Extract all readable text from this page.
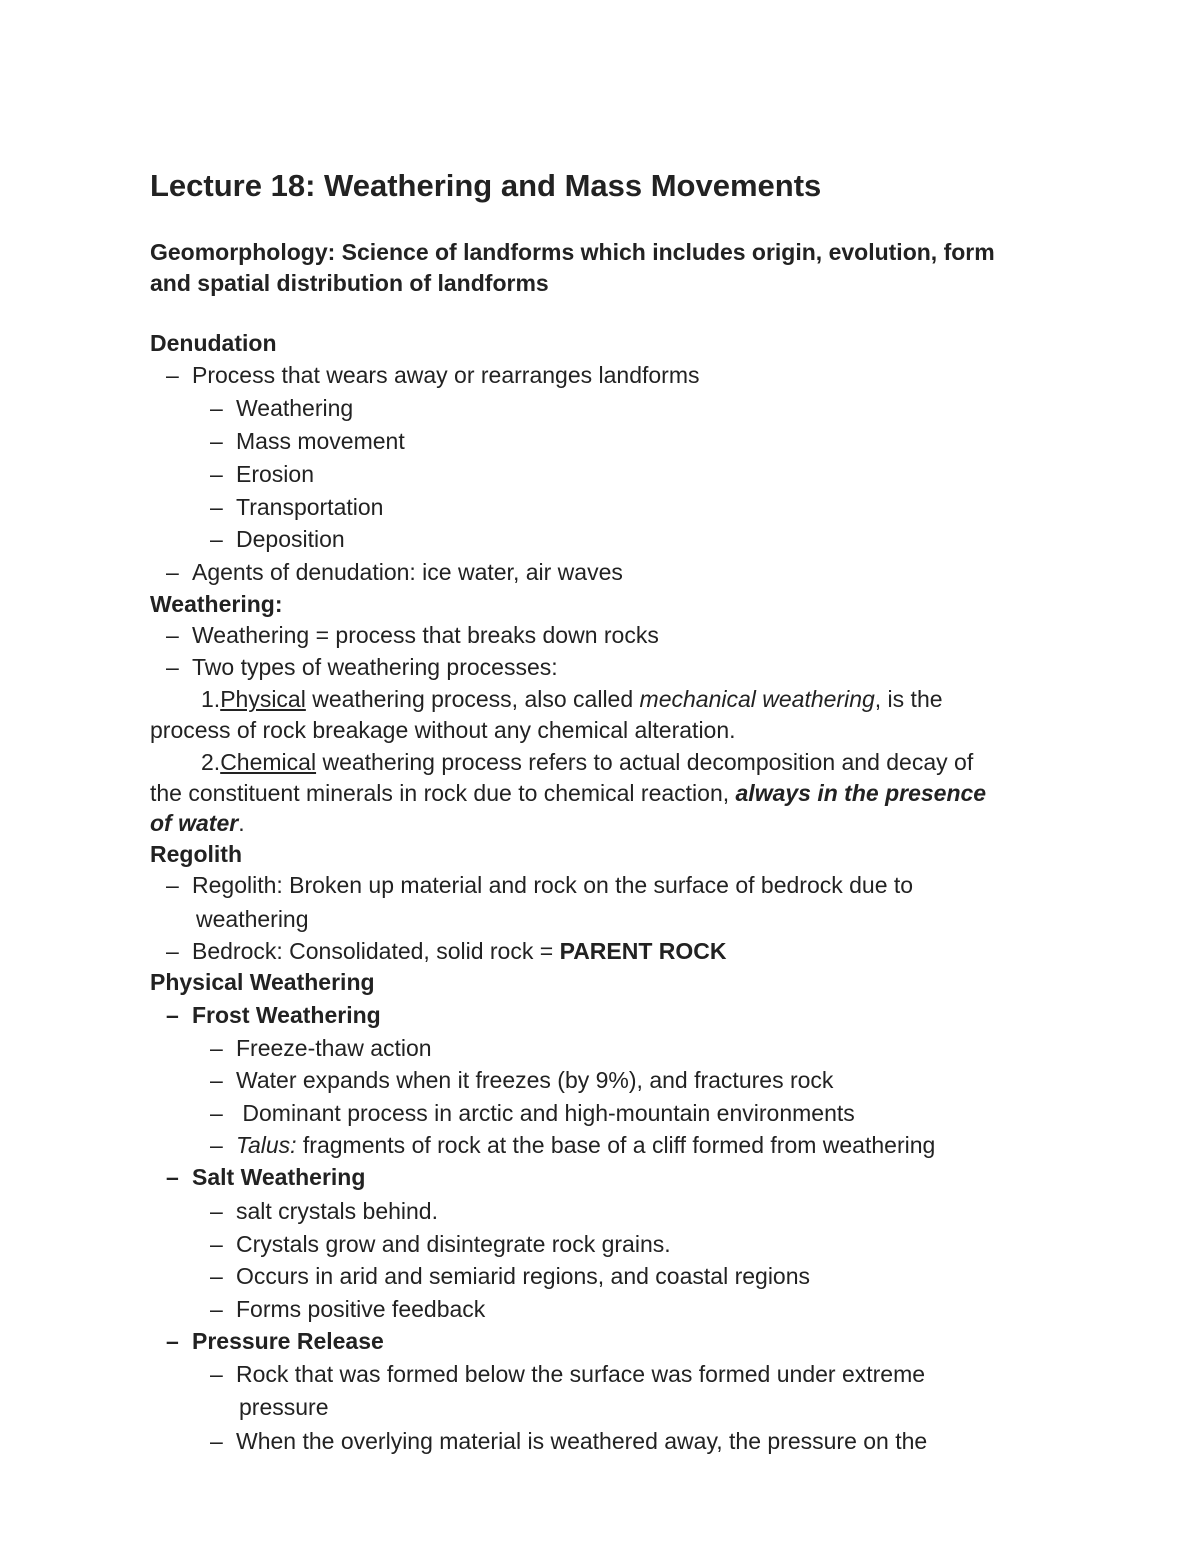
Lecture 18: Weathering and Mass Movements
Geomorphology: Science of landforms which includes origin, evolution, form
and spatial distribution of landforms
Denudation
– Process that wears away or rearranges landforms
– Weathering
– Mass movement
– Erosion
– Transportation
– Deposition
– Agents of denudation: ice water, air waves
Weathering:
– Weathering = process that breaks down rocks
– Two types of weathering processes:
1.Physical weathering process, also called mechanical weathering, is the
process of rock breakage without any chemical alteration.
2.Chemical weathering process refers to actual decomposition and decay of
the constituent minerals in rock due to chemical reaction, always in the presence
of water.
Regolith
– Regolith: Broken up material and rock on the surface of bedrock due to
weathering
– Bedrock: Consolidated, solid rock = PARENT ROCK
Physical Weathering
– Frost Weathering
– Freeze-thaw action
– Water expands when it freezes (by 9%), and fractures rock
– Dominant process in arctic and high-mountain environments
– Talus: fragments of rock at the base of a cliff formed from weathering
– Salt Weathering
– salt crystals behind.
– Crystals grow and disintegrate rock grains.
– Occurs in arid and semiarid regions, and coastal regions
– Forms positive feedback
– Pressure Release
– Rock that was formed below the surface was formed under extreme
pressure
– When the overlying material is weathered away, the pressure on the
